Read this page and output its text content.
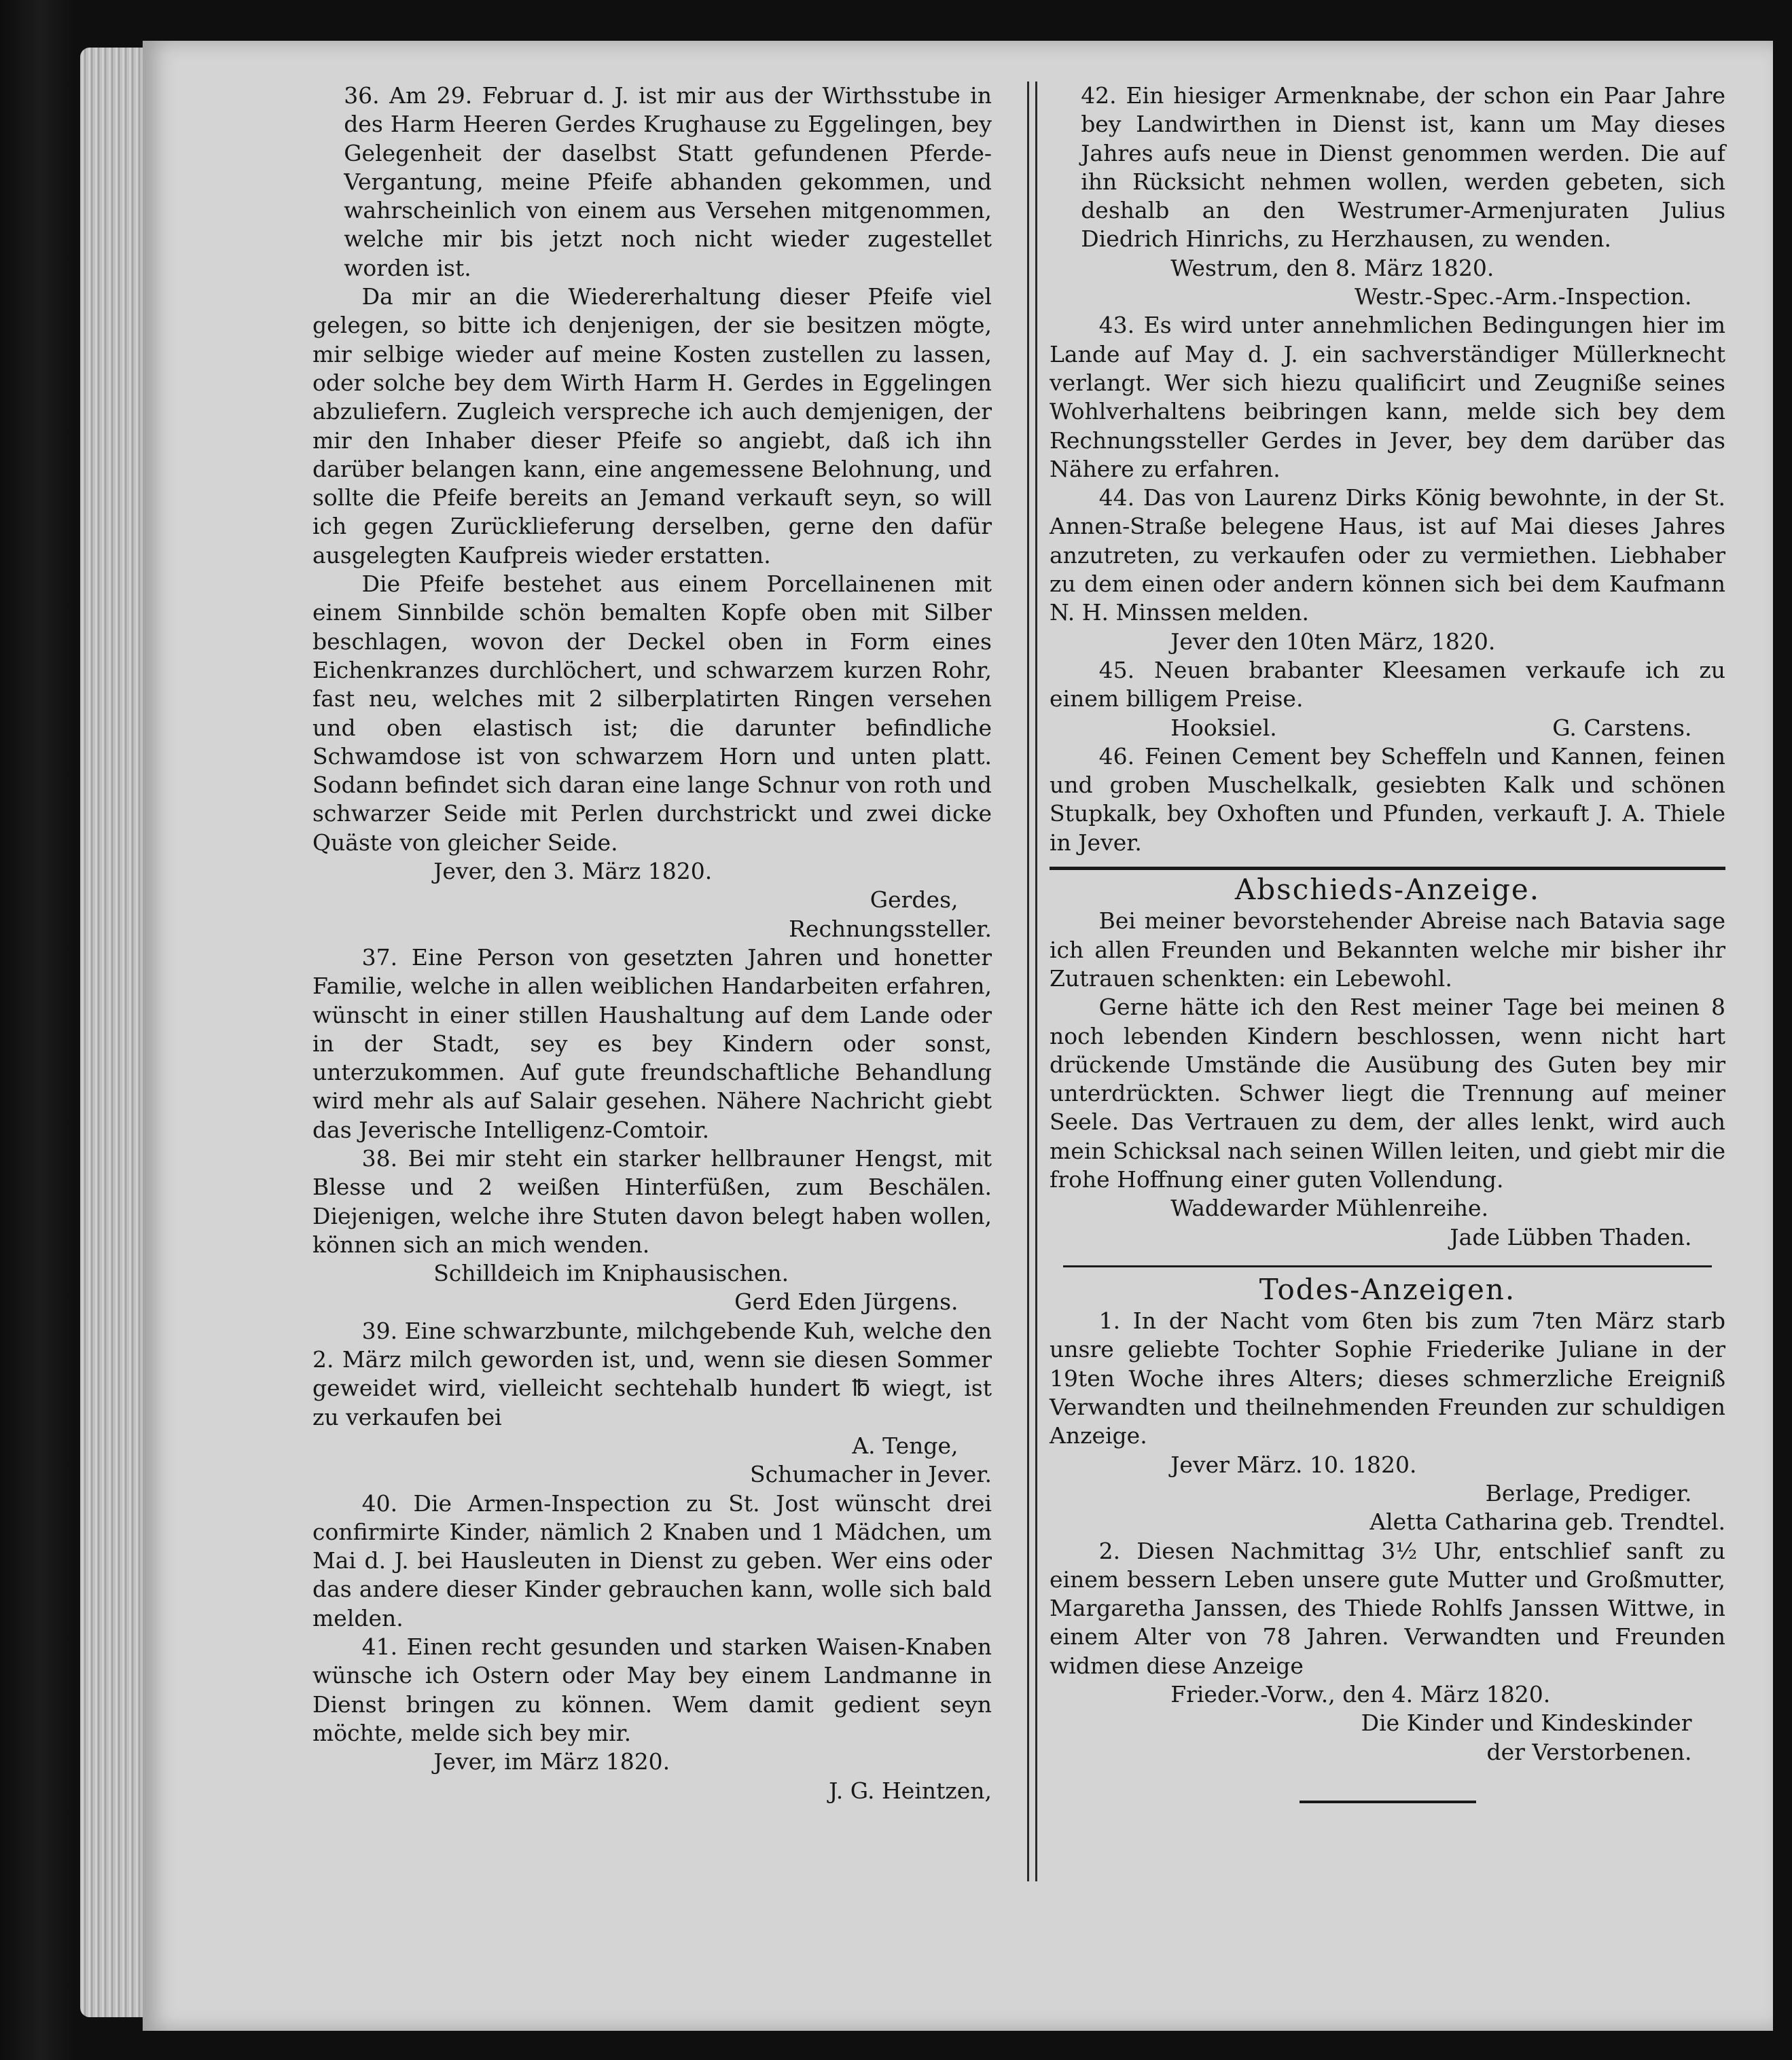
36. Am 29. Februar d. J. ist mir aus der Wirthsstube in des Harm Heeren Gerdes Krughause zu Eggelingen, bey Gelegenheit der daselbst Statt gefundenen Pferde-Vergantung, meine Pfeife abhanden gekommen, und wahrscheinlich von einem aus Versehen mitgenommen, welche mir bis jetzt noch nicht wieder zugestellet worden ist.

Da mir an die Wiedererhaltung dieser Pfeife viel gelegen, so bitte ich denjenigen, der sie besitzen mögte, mir selbige wieder auf meine Kosten zustellen zu lassen, oder solche bey dem Wirth Harm H. Gerdes in Eggelingen abzuliefern. Zugleich verspreche ich auch demjenigen, der mir den Inhaber dieser Pfeife so angiebt, daß ich ihn darüber belangen kann, eine angemessene Belohnung, und sollte die Pfeife bereits an Jemand verkauft seyn, so will ich gegen Zurücklieferung derselben, gerne den dafür ausgelegten Kaufpreis wieder erstatten.

Die Pfeife bestehet aus einem Porcellainenen mit einem Sinnbilde schön bemalten Kopfe oben mit Silber beschlagen, wovon der Deckel oben in Form eines Eichenkranzes durchlöchert, und schwarzem kurzen Rohr, fast neu, welches mit 2 silberplatirten Ringen versehen und oben elastisch ist; die darunter befindliche Schwamdose ist von schwarzem Horn und unten platt. Sodann befindet sich daran eine lange Schnur von roth und schwarzer Seide mit Perlen durchstrickt und zwei dicke Quäste von gleicher Seide.

Jever, den 3. März 1820.

Gerdes,

Rechnungssteller.

37. Eine Person von gesetzten Jahren und honetter Familie, welche in allen weiblichen Handarbeiten erfahren, wünscht in einer stillen Haushaltung auf dem Lande oder in der Stadt, sey es bey Kindern oder sonst, unterzukommen. Auf gute freundschaftliche Behandlung wird mehr als auf Salair gesehen. Nähere Nachricht giebt das Jeverische Intelligenz-Comtoir.

38. Bei mir steht ein starker hellbrauner Hengst, mit Blesse und 2 weißen Hinterfüßen, zum Beschälen. Diejenigen, welche ihre Stuten davon belegt haben wollen, können sich an mich wenden.

Schilldeich im Kniphausischen.

Gerd Eden Jürgens.

39. Eine schwarzbunte, milchgebende Kuh, welche den 2. März milch geworden ist, und, wenn sie diesen Sommer geweidet wird, vielleicht sechtehalb hundert ℔ wiegt, ist zu verkaufen bei

A. Tenge,

Schumacher in Jever.

40. Die Armen-Inspection zu St. Jost wünscht drei confirmirte Kinder, nämlich 2 Knaben und 1 Mädchen, um Mai d. J. bei Hausleuten in Dienst zu geben. Wer eins oder das andere dieser Kinder gebrauchen kann, wolle sich bald melden.

41. Einen recht gesunden und starken Waisen-Knaben wünsche ich Ostern oder May bey einem Landmanne in Dienst bringen zu können. Wem damit gedient seyn möchte, melde sich bey mir.

Jever, im März 1820.

J. G. Heintzen,

42. Ein hiesiger Armenknabe, der schon ein Paar Jahre bey Landwirthen in Dienst ist, kann um May dieses Jahres aufs neue in Dienst genommen werden. Die auf ihn Rücksicht nehmen wollen, werden gebeten, sich deshalb an den Westrumer-Armenjuraten Julius Diedrich Hinrichs, zu Herzhausen, zu wenden.

Westrum, den 8. März 1820.

Westr.-Spec.-Arm.-Inspection.

43. Es wird unter annehmlichen Bedingungen hier im Lande auf May d. J. ein sachverständiger Müllerknecht verlangt. Wer sich hiezu qualificirt und Zeugniße seines Wohlverhaltens beibringen kann, melde sich bey dem Rechnungssteller Gerdes in Jever, bey dem darüber das Nähere zu erfahren.

44. Das von Laurenz Dirks König bewohnte, in der St. Annen-Straße belegene Haus, ist auf Mai dieses Jahres anzutreten, zu verkaufen oder zu vermiethen. Liebhaber zu dem einen oder andern können sich bei dem Kaufmann N. H. Minssen melden.

Jever den 10ten März, 1820.

45. Neuen brabanter Kleesamen verkaufe ich zu einem billigem Preise.

Hooksiel.	G. Carstens.

46. Feinen Cement bey Scheffeln und Kannen, feinen und groben Muschelkalk, gesiebten Kalk und schönen Stupkalk, bey Oxhoften und Pfunden, verkauft J. A. Thiele in Jever.

Abschieds-Anzeige.

Bei meiner bevorstehender Abreise nach Batavia sage ich allen Freunden und Bekannten welche mir bisher ihr Zutrauen schenkten: ein Lebewohl.

Gerne hätte ich den Rest meiner Tage bei meinen 8 noch lebenden Kindern beschlossen, wenn nicht hart drückende Umstände die Ausübung des Guten bey mir unterdrückten. Schwer liegt die Trennung auf meiner Seele. Das Vertrauen zu dem, der alles lenkt, wird auch mein Schicksal nach seinen Willen leiten, und giebt mir die frohe Hoffnung einer guten Vollendung.

Waddewarder Mühlenreihe.

Jade Lübben Thaden.

Todes-Anzeigen.

1. In der Nacht vom 6ten bis zum 7ten März starb unsre geliebte Tochter Sophie Friederike Juliane in der 19ten Woche ihres Alters; dieses schmerzliche Ereigniß Verwandten und theilnehmenden Freunden zur schuldigen Anzeige.

Jever März. 10. 1820.

Berlage, Prediger.

Aletta Catharina geb. Trendtel.

2. Diesen Nachmittag 3½ Uhr, entschlief sanft zu einem bessern Leben unsere gute Mutter und Großmutter, Margaretha Janssen, des Thiede Rohlfs Janssen Wittwe, in einem Alter von 78 Jahren. Verwandten und Freunden widmen diese Anzeige

Frieder.-Vorw., den 4. März 1820.

Die Kinder und Kindeskinder

der Verstorbenen.
